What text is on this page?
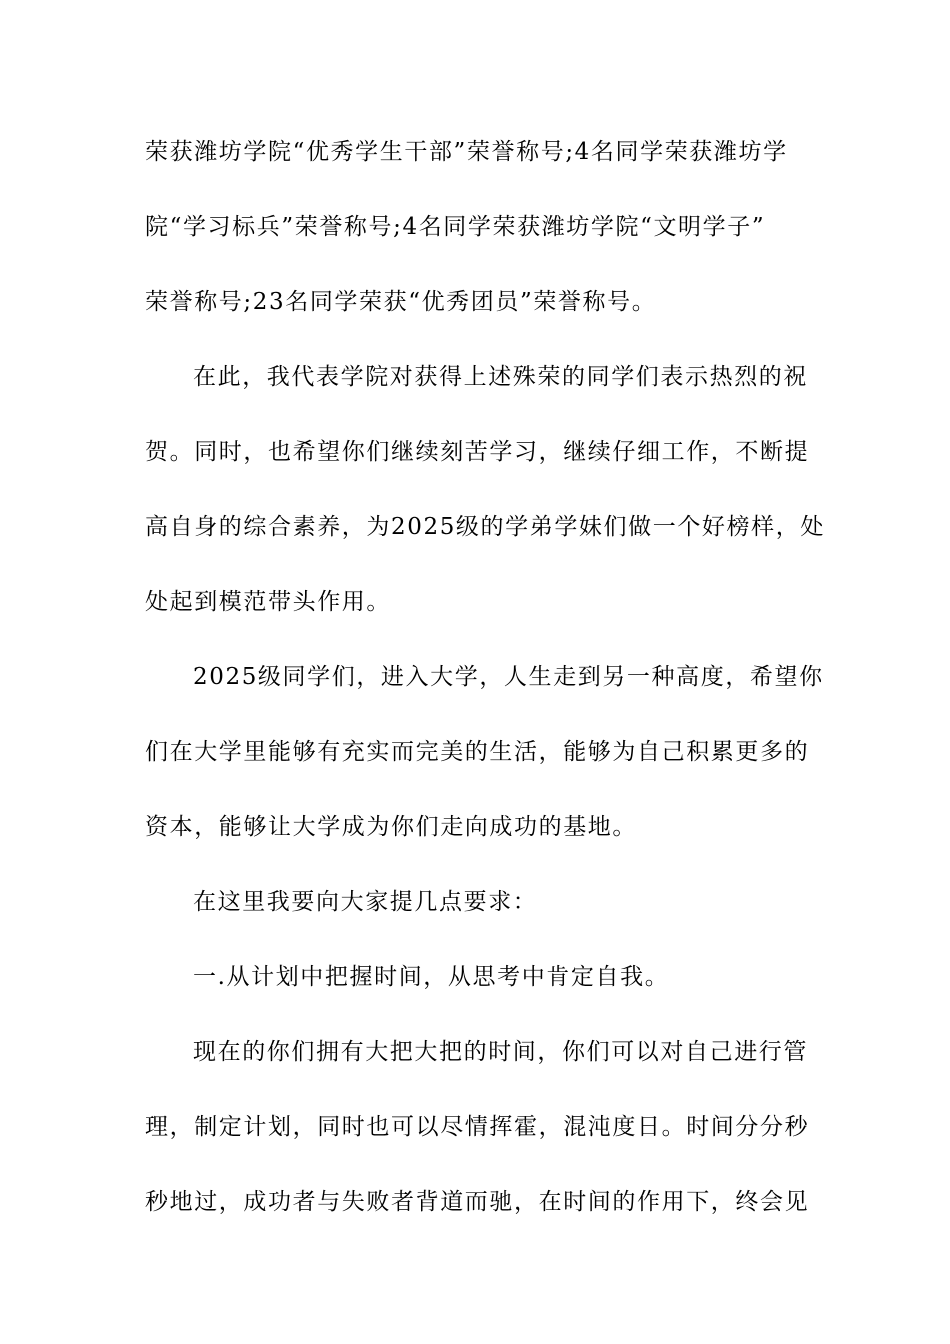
荣获潍坊学院“优秀学生干部”荣誉称号;4名同学荣获潍坊学
院“学习标兵”荣誉称号;4名同学荣获潍坊学院“文明学子”
荣誉称号;23名同学荣获“优秀团员”荣誉称号。
在此，我代表学院对获得上述殊荣的同学们表示热烈的祝
贺。同时，也希望你们继续刻苦学习，继续仔细工作，不断提
高自身的综合素养，为2025级的学弟学妹们做一个好榜样，处
处起到模范带头作用。
2025级同学们，进入大学，人生走到另一种高度，希望你
们在大学里能够有充实而完美的生活，能够为自己积累更多的
资本，能够让大学成为你们走向成功的基地。
在这里我要向大家提几点要求：
一.从计划中把握时间，从思考中肯定自我。
现在的你们拥有大把大把的时间，你们可以对自己进行管
理，制定计划，同时也可以尽情挥霍，混沌度日。时间分分秒
秒地过，成功者与失败者背道而驰，在时间的作用下，终会见
